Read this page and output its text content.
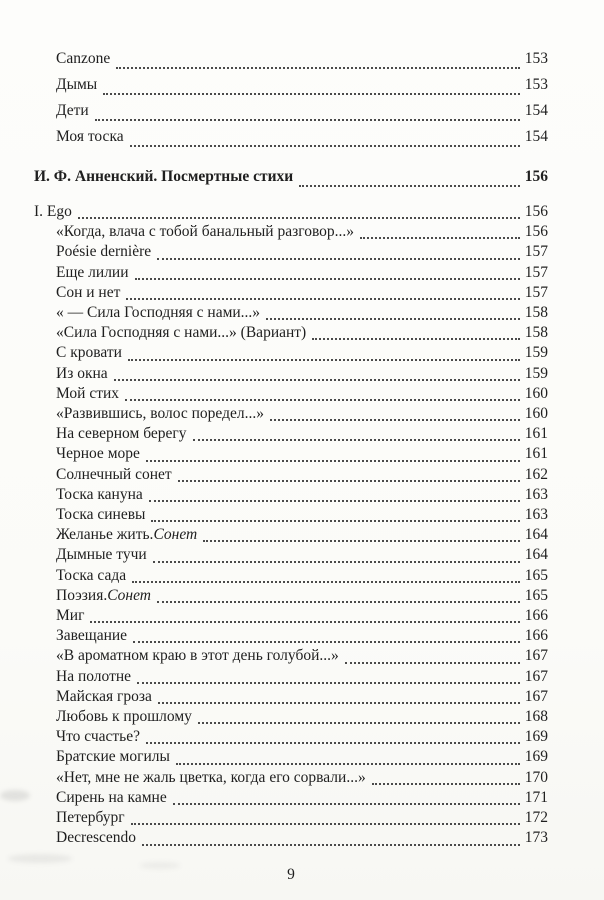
Canzone	153
Дымы	153
Дети	154
Моя тоска	154
И. Ф. Анненский. Посмертные стихи	156
I. Ego	156
«Когда, влача с тобой банальный разговор...»	156
Poésie dernière	157
Еще лилии	157
Сон и нет	157
« — Сила Господняя с нами...»	158
«Сила Господняя с нами...» (Вариант)	158
С кровати	159
Из окна	159
Мой стих	160
«Развившись, волос поредел...»	160
На северном берегу	161
Черное море	161
Солнечный сонет	162
Тоска кануна	163
Тоска синевы	163
Желанье жить. Сонет	164
Дымные тучи	164
Тоска сада	165
Поэзия. Сонет	165
Миг	166
Завещание	166
«В ароматном краю в этот день голубой...»	167
На полотне	167
Майская гроза	167
Любовь к прошлому	168
Что счастье?	169
Братские могилы	169
«Нет, мне не жаль цветка, когда его сорвали...»	170
Сирень на камне	171
Петербург	172
Decrescendo	173
9
